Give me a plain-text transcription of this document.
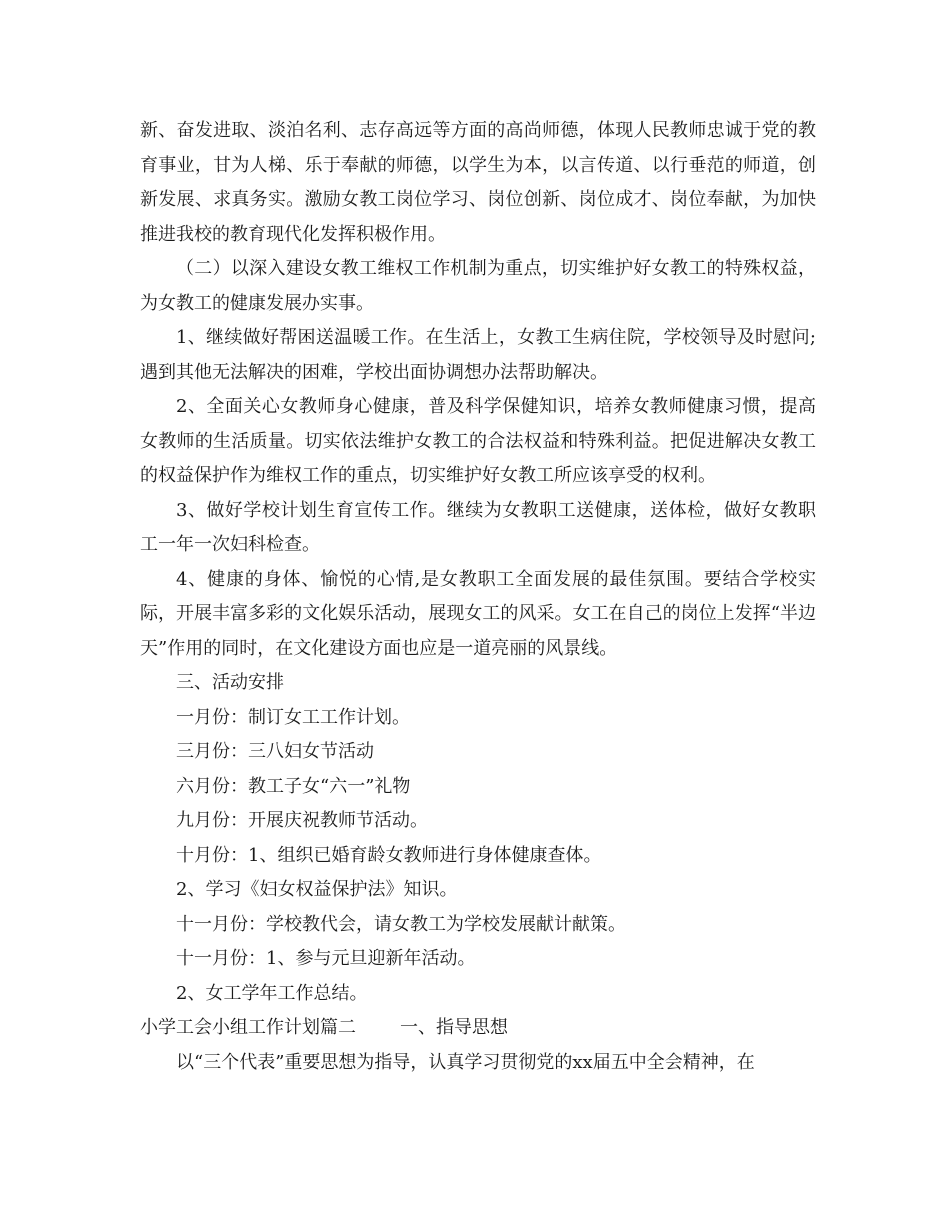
新、奋发进取、淡泊名利、志存高远等方面的高尚师德，体现人民教师忠诚于党的教育事业，甘为人梯、乐于奉献的师德，以学生为本，以言传道、以行垂范的师道，创新发展、求真务实。激励女教工岗位学习、岗位创新、岗位成才、岗位奉献，为加快推进我校的教育现代化发挥积极作用。

（二）以深入建设女教工维权工作机制为重点，切实维护好女教工的特殊权益，为女教工的健康发展办实事。

1、继续做好帮困送温暖工作。在生活上，女教工生病住院，学校领导及时慰问;遇到其他无法解决的困难，学校出面协调想办法帮助解决。

2、全面关心女教师身心健康，普及科学保健知识，培养女教师健康习惯，提高女教师的生活质量。切实依法维护女教工的合法权益和特殊利益。把促进解决女教工的权益保护作为维权工作的重点，切实维护好女教工所应该享受的权利。

3、做好学校计划生育宣传工作。继续为女教职工送健康，送体检，做好女教职工一年一次妇科检查。

4、健康的身体、愉悦的心情,是女教职工全面发展的最佳氛围。要结合学校实际，开展丰富多彩的文化娱乐活动，展现女工的风采。女工在自己的岗位上发挥“半边天”作用的同时，在文化建设方面也应是一道亮丽的风景线。

三、活动安排

一月份：制订女工工作计划。

三月份：三八妇女节活动

六月份：教工子女“六一”礼物

九月份：开展庆祝教师节活动。

十月份：1、组织已婚育龄女教师进行身体健康查体。

2、学习《妇女权益保护法》知识。

十一月份：学校教代会，请女教工为学校发展献计献策。

十一月份：1、参与元旦迎新年活动。

2、女工学年工作总结。

小学工会小组工作计划篇二 一、指导思想

以“三个代表”重要思想为指导，认真学习贯彻党的xx届五中全会精神，在
